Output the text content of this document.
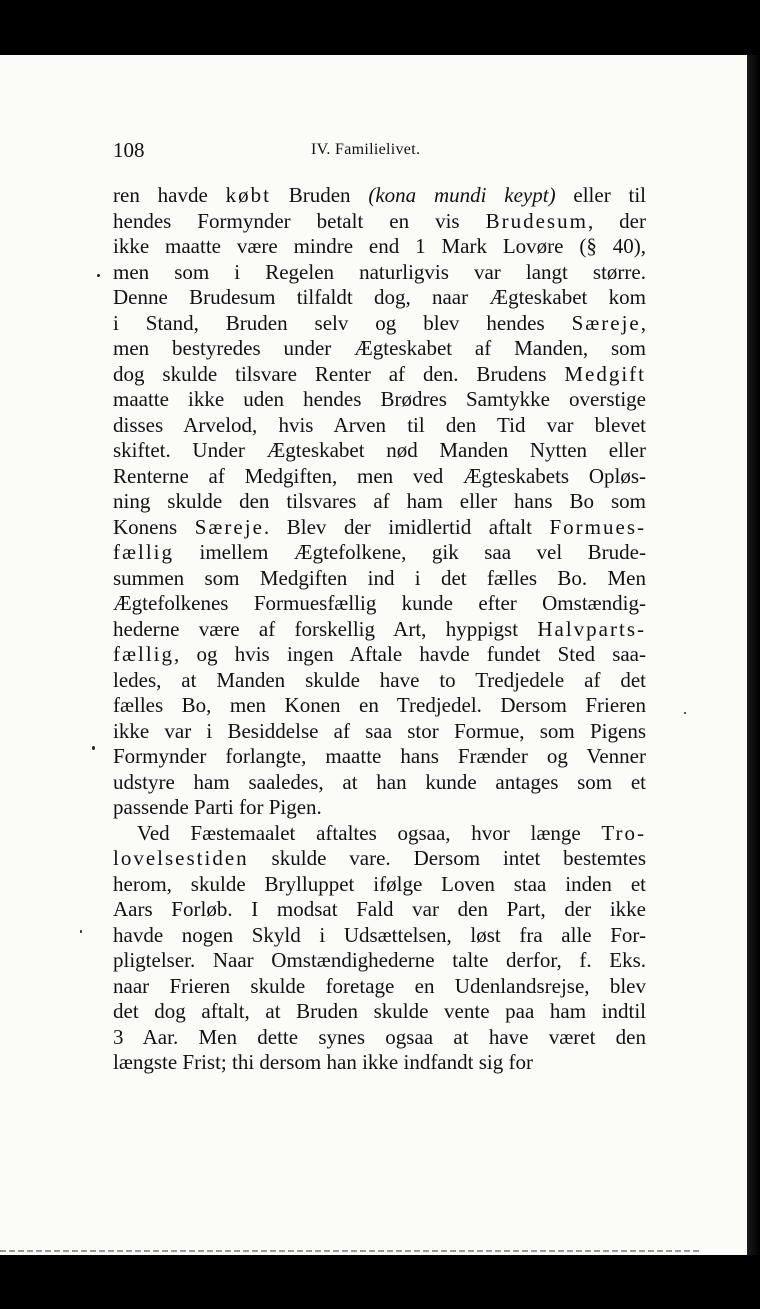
108	IV. Familielivet.
ren havde købt Bruden (kona mundi keypt) eller til
hendes Formynder betalt en vis Brudesum, der
ikke maatte være mindre end 1 Mark Lovøre (§ 40),
men som i Regelen naturligvis var langt større.
Denne Brudesum tilfaldt dog, naar Ægteskabet kom
i Stand, Bruden selv og blev hendes Særeje,
men bestyredes under Ægteskabet af Manden, som
dog skulde tilsvare Renter af den. Brudens Medgift
maatte ikke uden hendes Brødres Samtykke overstige
disses Arvelod, hvis Arven til den Tid var blevet
skiftet. Under Ægteskabet nød Manden Nytten eller
Renterne af Medgiften, men ved Ægteskabets Opløs-
ning skulde den tilsvares af ham eller hans Bo som
Konens Særeje. Blev der imidlertid aftalt Formues-
fællig imellem Ægtefolkene, gik saa vel Brude-
summen som Medgiften ind i det fælles Bo. Men
Ægtefolkenes Formuesfællig kunde efter Omstændig-
hederne være af forskellig Art, hyppigst Halvparts-
fællig, og hvis ingen Aftale havde fundet Sted saa-
ledes, at Manden skulde have to Tredjedele af det
fælles Bo, men Konen en Tredjedel. Dersom Frieren
ikke var i Besiddelse af saa stor Formue, som Pigens
Formynder forlangte, maatte hans Frænder og Venner
udstyre ham saaledes, at han kunde antages som et
passende Parti for Pigen.
Ved Fæstemaalet aftaltes ogsaa, hvor længe Tro-
lovelsestiden skulde vare. Dersom intet bestemtes
herom, skulde Brylluppet ifølge Loven staa inden et
Aars Forløb. I modsat Fald var den Part, der ikke
havde nogen Skyld i Udsættelsen, løst fra alle For-
pligtelser. Naar Omstændighederne talte derfor, f. Eks.
naar Frieren skulde foretage en Udenlandsrejse, blev
det dog aftalt, at Bruden skulde vente paa ham indtil
3 Aar. Men dette synes ogsaa at have været den
længste Frist; thi dersom han ikke indfandt sig for
